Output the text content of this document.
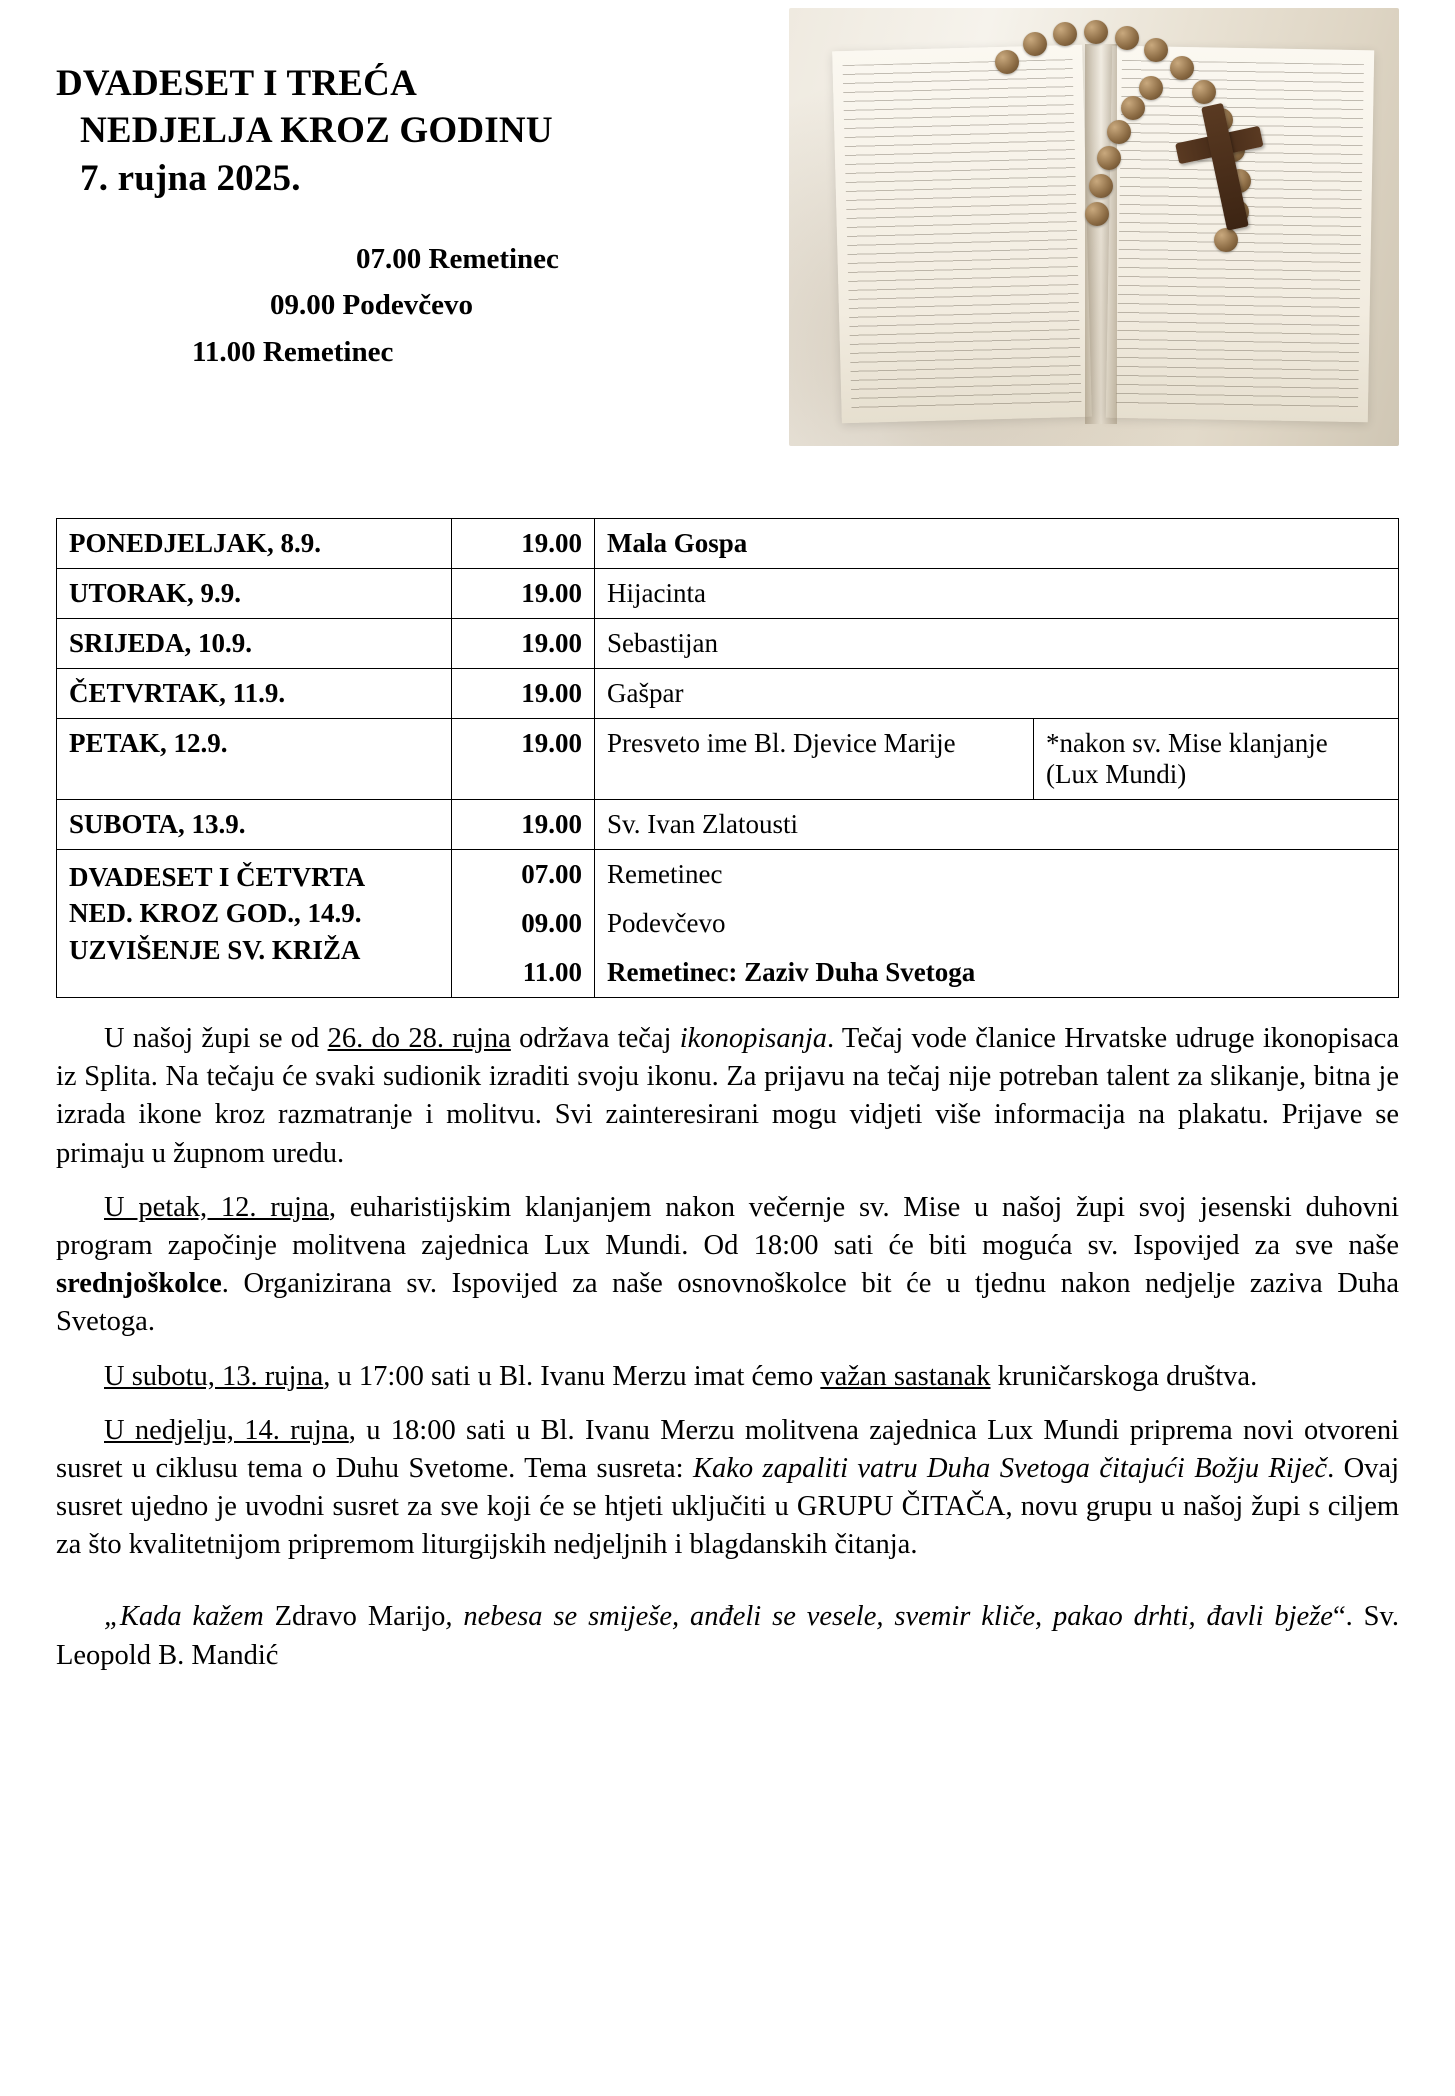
DVADESET I TREĆA
NEDJELJA KROZ GODINU
7. rujna 2025.
07.00 Remetinec
09.00 Podevčevo
11.00 Remetinec
PONEDJELJAK, 8.9.	19.00	Mala Gospa	
UTORAK, 9.9.	19.00	Hijacinta	
SRIJEDA, 10.9.	19.00	Sebastijan	
ČETVRTAK, 11.9.	19.00	Gašpar	
PETAK, 12.9.	19.00	Presveto ime Bl. Djevice Marije	*nakon sv. Mise klanjanje (Lux Mundi)
SUBOTA, 13.9.	19.00	Sv. Ivan Zlatousti	

DVADESET I ČETVRTA
NED. KROZ GOD., 14.9.
UZVIŠENJE SV. KRIŽA	07.00	Remetinec	
	09.00	Podevčevo	
	11.00	Remetinec: Zaziv Duha Svetoga	
U našoj župi se od 26. do 28. rujna održava tečaj ikonopisanja. Tečaj vode članice Hrvatske udruge ikonopisaca iz Splita. Na tečaju će svaki sudionik izraditi svoju ikonu. Za prijavu na tečaj nije potreban talent za slikanje, bitna je izrada ikone kroz razmatranje i molitvu. Svi zainteresirani mogu vidjeti više informacija na plakatu. Prijave se primaju u župnom uredu.
U petak, 12. rujna, euharistijskim klanjanjem nakon večernje sv. Mise u našoj župi svoj jesenski duhovni program započinje molitvena zajednica Lux Mundi. Od 18:00 sati će biti moguća sv. Ispovijed za sve naše srednjoškolce. Organizirana sv. Ispovijed za naše osnovnoškolce bit će u tjednu nakon nedjelje zaziva Duha Svetoga.
U subotu, 13. rujna, u 17:00 sati u Bl. Ivanu Merzu imat ćemo važan sastanak kruničarskoga društva.
U nedjelju, 14. rujna, u 18:00 sati u Bl. Ivanu Merzu molitvena zajednica Lux Mundi priprema novi otvoreni susret u ciklusu tema o Duhu Svetome. Tema susreta: Kako zapaliti vatru Duha Svetoga čitajući Božju Riječ. Ovaj susret ujedno je uvodni susret za sve koji će se htjeti uključiti u GRUPU ČITAČA, novu grupu u našoj župi s ciljem za što kvalitetnijom pripremom liturgijskih nedjeljnih i blagdanskih čitanja.
„Kada kažem Zdravo Marijo, nebesa se smiješe, anđeli se vesele, svemir kliče, pakao drhti, đavli bježe“. Sv. Leopold B. Mandić
